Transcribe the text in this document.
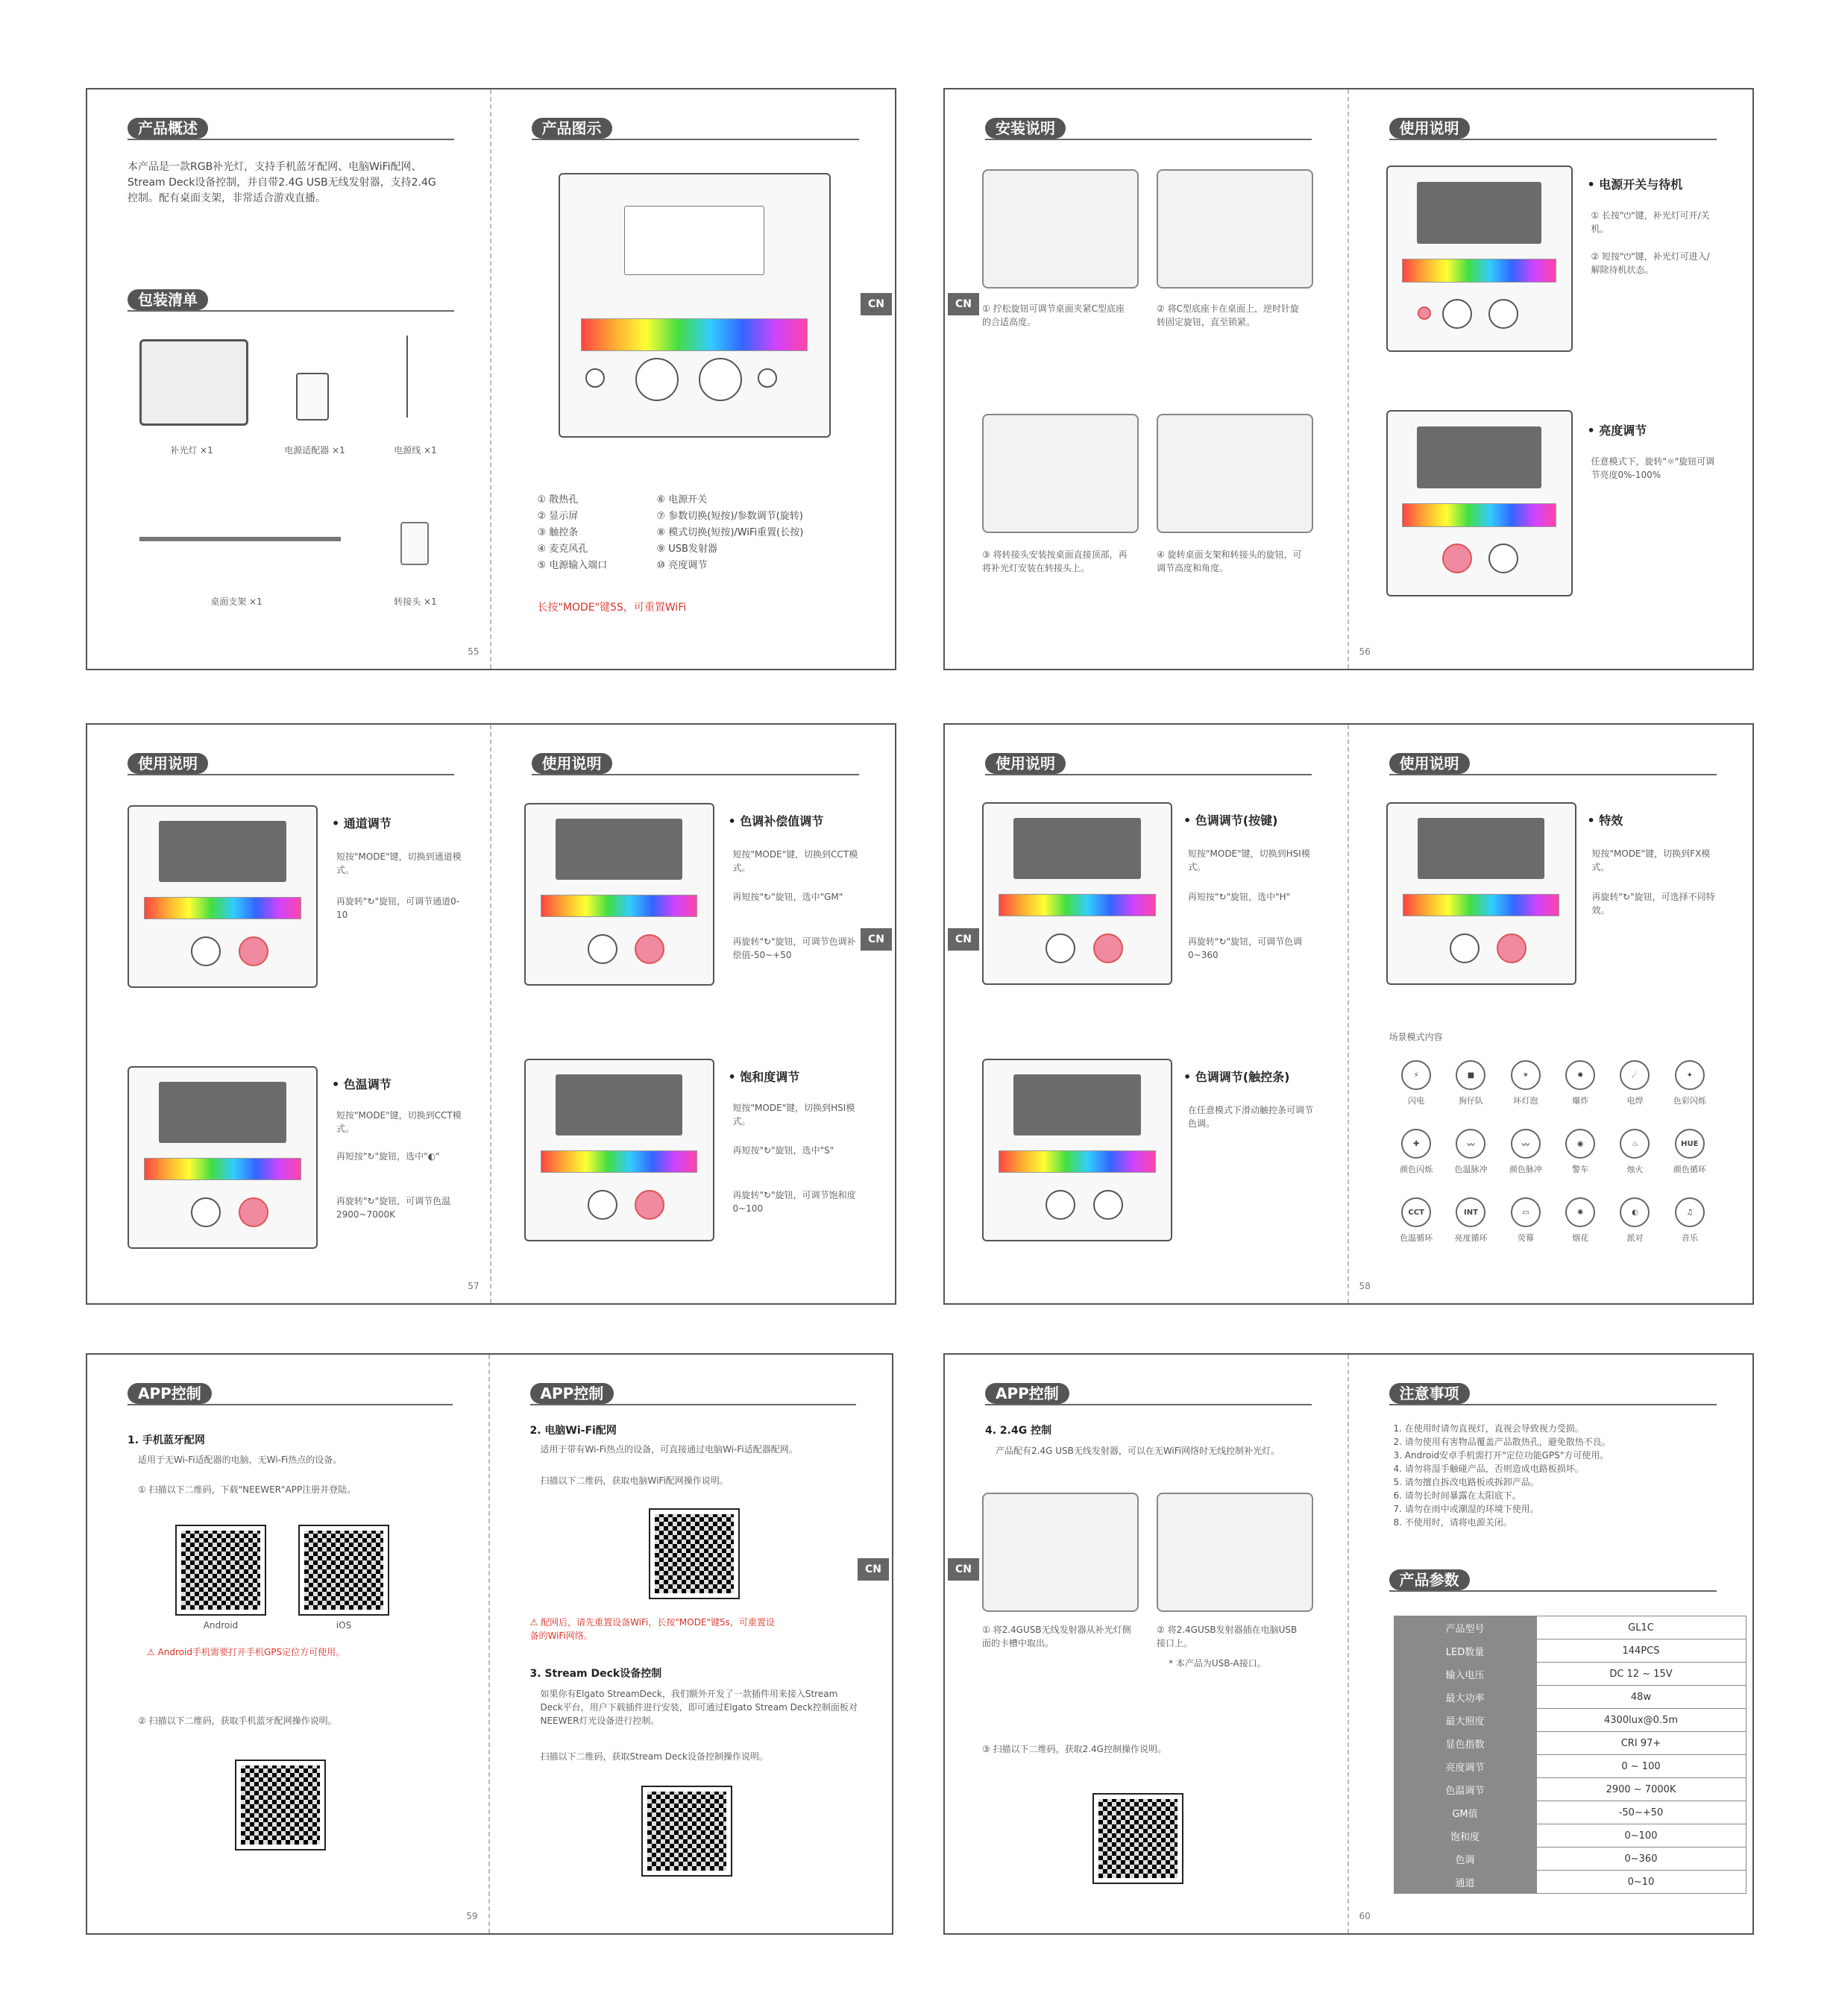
产品概述
本产品是一款RGB补光灯，支持手机蓝牙配网、电脑WiFi配网、Stream Deck设备控制，并自带2.4G USB无线发射器，支持2.4G控制。配有桌面支架，非常适合游戏直播。
包装清单
补光灯 ×1	电源适配器 ×1	电源线 ×1
桌面支架 ×1	转接头 ×1
55
产品图示
① 散热孔
② 显示屏
③ 触控条
④ 麦克风孔
⑤ 电源输入端口
⑥ 电源开关
⑦ 参数切换(短按)/参数调节(旋转)
⑧ 模式切换(短按)/WiFi重置(长按)
⑨ USB发射器
⑩ 亮度调节
长按"MODE"键5S，可重置WiFi
CN
安装说明
① 拧松旋钮可调节桌面夹紧C型底座的合适高度。
② 将C型底座卡在桌面上，逆时针旋转固定旋钮，直至锁紧。
③ 将转接头安装按桌面直接顶部，再将补光灯安装在转接头上。
④ 旋转桌面支架和转接头的旋钮，可调节高度和角度。
CN
使用说明
• 电源开关与待机
① 长按"⏻"键，补光灯可开/关机。
② 短按"⏻"键，补光灯可进入/解除待机状态。
• 亮度调节
任意模式下，旋转"☼"旋钮可调节亮度0%-100%
56
使用说明
• 通道调节
短按"MODE"键，切换到通道模式。
再旋转"↻"旋钮，可调节通道0-10
• 色温调节
短按"MODE"键，切换到CCT模式。
再短按"↻"旋钮，选中"◐"
再旋转"↻"旋钮，可调节色温2900~7000K
57
使用说明
• 色调补偿值调节
短按"MODE"键，切换到CCT模式。
再短按"↻"旋钮，选中"GM"
再旋转"↻"旋钮，可调节色调补偿值-50~+50
• 饱和度调节
短按"MODE"键，切换到HSI模式。
再短按"↻"旋钮，选中"S"
再旋转"↻"旋钮，可调节饱和度0~100
CN
使用说明
• 色调调节(按键)
短按"MODE"键，切换到HSI模式。
再短按"↻"旋钮，选中"H"
再旋转"↻"旋钮，可调节色调0~360
• 色调调节(触控条)
在任意模式下滑动触控条可调节色调。
CN
使用说明
• 特效
短按"MODE"键，切换到FX模式。
再旋转"↻"旋钮，可选择不同特效。
场景模式内容
⚡
闪电
■
狗仔队
✶
坏灯泡
✹
爆炸
☄
电焊
✦
色彩闪烁
✚
颜色闪烁
〰
色温脉冲
〰
颜色脉冲
◉
警车
♨
烛火
HUE
颜色循环
CCT
色温循环
INT
亮度循环
▭
荧幕
✺
烟花
◐
派对
♫
音乐
58
APP控制
1. 手机蓝牙配网
适用于无Wi-Fi适配器的电脑，无Wi-Fi热点的设备。
① 扫描以下二维码，下载"NEEWER"APP注册并登陆。
Android	iOS
⚠ Android手机需要打开手机GPS定位方可使用。
② 扫描以下二维码，获取手机蓝牙配网操作说明。
59
APP控制
2. 电脑Wi-Fi配网
适用于带有Wi-Fi热点的设备，可直接通过电脑Wi-Fi适配器配网。
扫描以下二维码，获取电脑WiFi配网操作说明。
⚠ 配网后，请先重置设备WiFi，长按"MODE"键5s，可重置设备的WiFi网络。
3. Stream Deck设备控制
如果你有Elgato StreamDeck，我们额外开发了一款插件用来接入Stream Deck平台，用户下载插件进行安装，即可通过Elgato Stream Deck控制面板对NEEWER灯光设备进行控制。
扫描以下二维码，获取Stream Deck设备控制操作说明。
CN
APP控制
4. 2.4G 控制
产品配有2.4G USB无线发射器，可以在无WiFi网络时无线控制补光灯。
① 将2.4GUSB无线发射器从补光灯侧面的卡槽中取出。
② 将2.4GUSB发射器插在电脑USB接口上。
* 本产品为USB-A接口。
③ 扫描以下二维码，获取2.4G控制操作说明。
CN
注意事项
1. 在使用时请勿直视灯，直视会导致视力受损。
2. 请勿使用有害物品覆盖产品散热孔，避免散热不良。
3. Android安卓手机需打开"定位功能GPS"方可使用。
4. 请勿将湿手触碰产品，否则造成电路板损坏。
5. 请勿擅自拆改电路板或拆卸产品。
6. 请勿长时间暴露在太阳底下。
7. 请勿在雨中或潮湿的环境下使用。
8. 不使用时，请将电源关闭。
产品参数
产品型号	GL1C
LED数量	144PCS
输入电压	DC 12 ~ 15V
最大功率	48w
最大照度	4300lux@0.5m
显色指数	CRI 97+
亮度调节	0 ~ 100
色温调节	2900 ~ 7000K
GM值	-50~+50
饱和度	0~100
色调	0~360
通道	0~10
60
